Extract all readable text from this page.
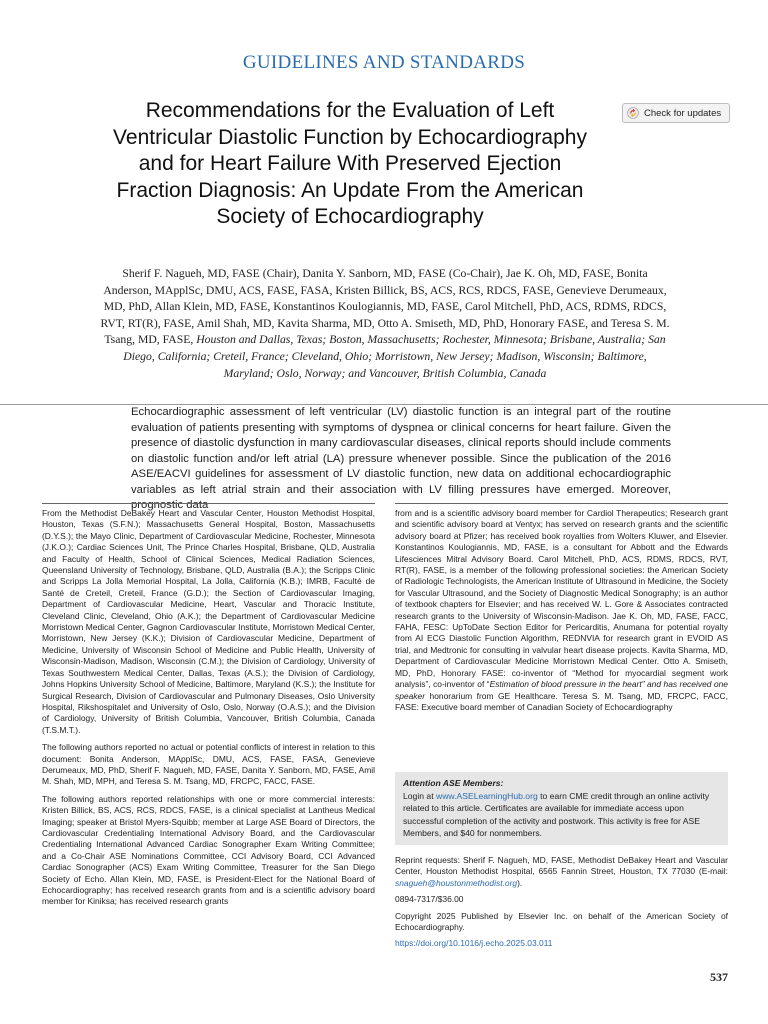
GUIDELINES AND STANDARDS
Recommendations for the Evaluation of Left Ventricular Diastolic Function by Echocardiography and for Heart Failure With Preserved Ejection Fraction Diagnosis: An Update From the American Society of Echocardiography
Check for updates
Sherif F. Nagueh, MD, FASE (Chair), Danita Y. Sanborn, MD, FASE (Co-Chair), Jae K. Oh, MD, FASE, Bonita Anderson, MApplSc, DMU, ACS, FASE, FASA, Kristen Billick, BS, ACS, RCS, RDCS, FASE, Genevieve Derumeaux, MD, PhD, Allan Klein, MD, FASE, Konstantinos Koulogiannis, MD, FASE, Carol Mitchell, PhD, ACS, RDMS, RDCS, RVT, RT(R), FASE, Amil Shah, MD, Kavita Sharma, MD, Otto A. Smiseth, MD, PhD, Honorary FASE, and Teresa S. M. Tsang, MD, FASE, Houston and Dallas, Texas; Boston, Massachusetts; Rochester, Minnesota; Brisbane, Australia; San Diego, California; Creteil, France; Cleveland, Ohio; Morristown, New Jersey; Madison, Wisconsin; Baltimore, Maryland; Oslo, Norway; and Vancouver, British Columbia, Canada

Echocardiographic assessment of left ventricular (LV) diastolic function is an integral part of the routine evaluation of patients presenting with symptoms of dyspnea or clinical concerns for heart failure. Given the presence of diastolic dysfunction in many cardiovascular diseases, clinical reports should include comments on diastolic function and/or left atrial (LA) pressure whenever possible. Since the publication of the 2016 ASE/EACVI guidelines for assessment of LV diastolic function, new data on additional echocardiographic variables as left atrial strain and their association with LV filling pressures have emerged. Moreover, prognostic data

From the Methodist DeBakey Heart and Vascular Center, Houston Methodist Hospital, Houston, Texas (S.F.N.); Massachusetts General Hospital, Boston, Massachusetts (D.Y.S.); the Mayo Clinic, Department of Cardiovascular Medicine, Rochester, Minnesota (J.K.O.); Cardiac Sciences Unit, The Prince Charles Hospital, Brisbane, QLD, Australia and Faculty of Health, School of Clinical Sciences, Medical Radiation Sciences, Queensland University of Technology, Brisbane, QLD, Australia (B.A.); the Scripps Clinic and Scripps La Jolla Memorial Hospital, La Jolla, California (K.B.); IMRB, Faculté de Santé de Creteil, Creteil, France (G.D.); the Section of Cardiovascular Imaging, Department of Cardiovascular Medicine, Heart, Vascular and Thoracic Institute, Cleveland Clinic, Cleveland, Ohio (A.K.); the Department of Cardiovascular Medicine Morristown Medical Center, Gagnon Cardiovascular Institute, Morristown Medical Center, Morristown, New Jersey (K.K.); Division of Cardiovascular Medicine, Department of Medicine, University of Wisconsin School of Medicine and Public Health, University of Wisconsin-Madison, Madison, Wisconsin (C.M.); the Division of Cardiology, University of Texas Southwestern Medical Center, Dallas, Texas (A.S.); the Division of Cardiology, Johns Hopkins University School of Medicine, Baltimore, Maryland (K.S.); the Institute for Surgical Research, Division of Cardiovascular and Pulmonary Diseases, Oslo University Hospital, Rikshospitalet and University of Oslo, Oslo, Norway (O.A.S.); and the Division of Cardiology, University of British Columbia, Vancouver, British Columbia, Canada (T.S.M.T.).

The following authors reported no actual or potential conflicts of interest in relation to this document: Bonita Anderson, MApplSc, DMU, ACS, FASE, FASA, Genevieve Derumeaux, MD, PhD, Sherif F. Nagueh, MD, FASE, Danita Y. Sanborn, MD, FASE, Amil M. Shah, MD, MPH, and Teresa S. M. Tsang, MD, FRCPC, FACC, FASE.

The following authors reported relationships with one or more commercial interests: Kristen Billick, BS, ACS, RCS, RDCS, FASE, is a clinical specialist at Lantheus Medical Imaging; speaker at Bristol Myers-Squibb; member at Large ASE Board of Directors, the Cardiovascular Credentialing International Advisory Board, and the Cardiovascular Credentialing International Advanced Cardiac Sonographer Exam Writing Committee; and a Co-Chair ASE Nominations Committee, CCI Advisory Board, CCI Advanced Cardiac Sonographer (ACS) Exam Writing Committee, Treasurer for the San Diego Society of Echo. Allan Klein, MD, FASE, is President-Elect for the National Board of Echocardiography; has received research grants from and is a scientific advisory board member for Kiniksa; has received research grants

from and is a scientific advisory board member for Cardiol Therapeutics; Research grant and scientific advisory board at Ventyx; has served on research grants and the scientific advisory board at Pfizer; has received book royalties from Wolters Kluwer, and Elsevier. Konstantinos Koulogiannis, MD, FASE, is a consultant for Abbott and the Edwards Lifesciences Mitral Advisory Board. Carol Mitchell, PhD, ACS, RDMS, RDCS, RVT, RT(R), FASE, is a member of the following professional societies: the American Society of Radiologic Technologists, the American Institute of Ultrasound in Medicine, the Society for Vascular Ultrasound, and the Society of Diagnostic Medical Sonography; is an author of textbook chapters for Elsevier; and has received W. L. Gore & Associates contracted research grants to the University of Wisconsin-Madison. Jae K. Oh, MD, FASE, FACC, FAHA, FESC: UpToDate Section Editor for Pericarditis, Anumana for potential royalty from AI ECG Diastolic Function Algorithm, REDNVIA for research grant in EVOID AS trial, and Medtronic for consulting in valvular heart disease projects. Kavita Sharma, MD, Department of Cardiovascular Medicine Morristown Medical Center. Otto A. Smiseth, MD, PhD, Honorary FASE: co-inventor of “Method for myocardial segment work analysis”, co-inventor of “Estimation of blood pressure in the heart” and has received one speaker honorarium from GE Healthcare. Teresa S. M. Tsang, MD, FRCPC, FACC, FASE: Executive board member of Canadian Society of Echocardiography

Attention ASE Members:
Login at www.ASELearningHub.org to earn CME credit through an online activity related to this article. Certificates are available for immediate access upon successful completion of the activity and postwork. This activity is free for ASE Members, and $40 for nonmembers.

Reprint requests: Sherif F. Nagueh, MD, FASE, Methodist DeBakey Heart and Vascular Center, Houston Methodist Hospital, 6565 Fannin Street, Houston, TX 77030 (E-mail: snagueh@houstonmethodist.org).

0894-7317/$36.00

Copyright 2025 Published by Elsevier Inc. on behalf of the American Society of Echocardiography.

https://doi.org/10.1016/j.echo.2025.03.011

537
